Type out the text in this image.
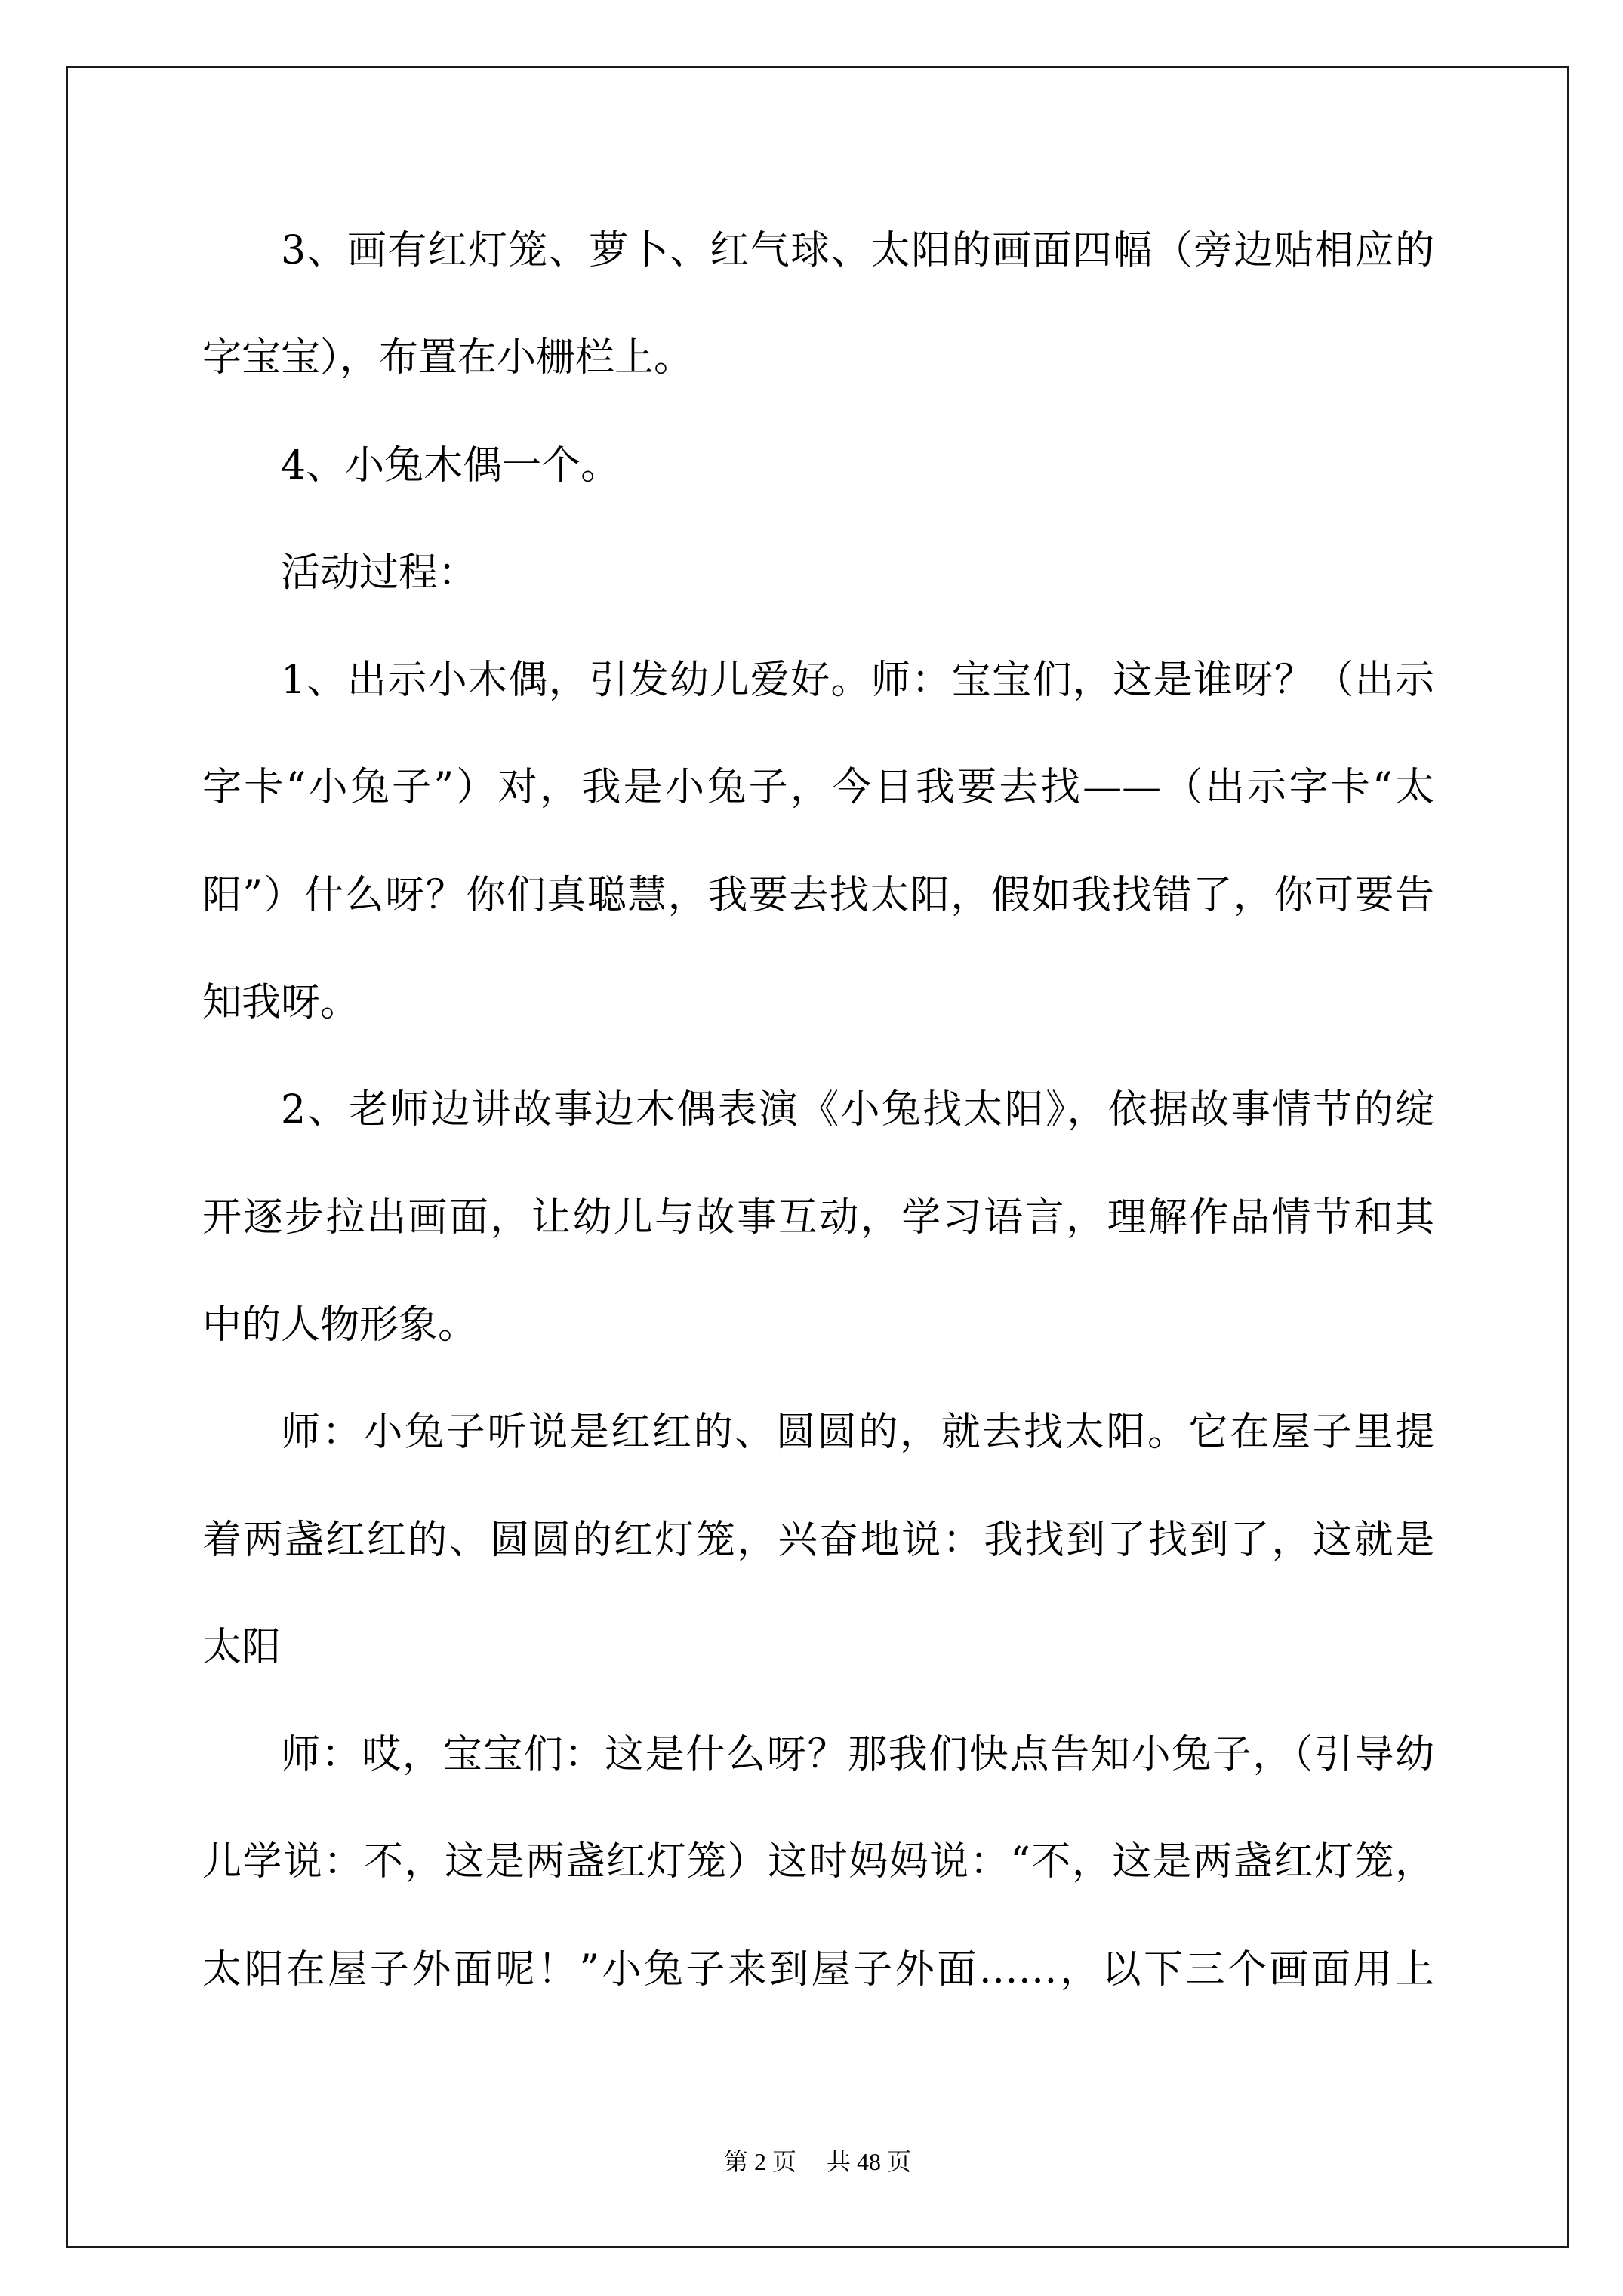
3、画有红灯笼、萝卜、红气球、太阳的画面四幅（旁边贴相应的
字宝宝），布置在小栅栏上。
4、小兔木偶一个。
活动过程：
1、出示小木偶，引发幼儿爱好。师：宝宝们，这是谁呀？（出示
字卡“小兔子”）对，我是小兔子，今日我要去找——（出示字卡“太
阳”）什么呀？你们真聪慧，我要去找太阳，假如我找错了，你可要告
知我呀。
2、老师边讲故事边木偶表演《小兔找太阳》，依据故事情节的绽
开逐步拉出画面，让幼儿与故事互动，学习语言，理解作品情节和其
中的人物形象。
师：小兔子听说是红红的、圆圆的，就去找太阳。它在屋子里提
着两盏红红的、圆圆的红灯笼，兴奋地说：我找到了找到了，这就是
太阳
师：哎，宝宝们：这是什么呀？那我们快点告知小兔子，（引导幼
儿学说：不，这是两盏红灯笼）这时妈妈说：“不，这是两盏红灯笼，
太阳在屋子外面呢！”小兔子来到屋子外面……，以下三个画面用上
第 2 页 共 48 页
